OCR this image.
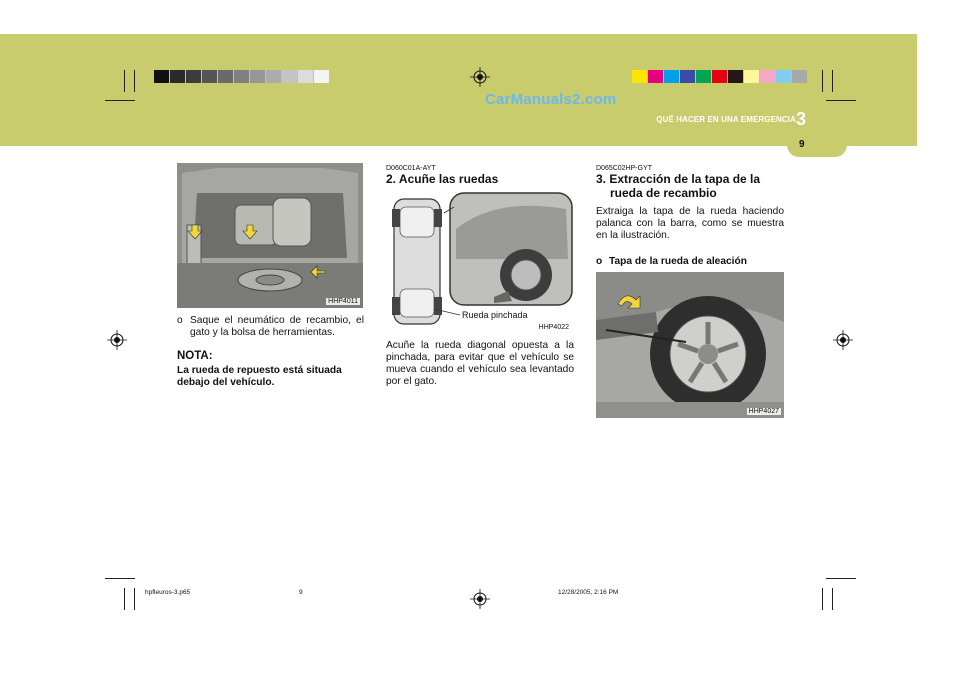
CarManuals2.com
QUÉ HACER EN UNA EMERGENCIA 3
9
HHP4011
o Saque el neumático de recambio, el gato y la bolsa de herramientas.
NOTA:
La rueda de repuesto está situada debajo del vehículo.
D060C01A-AYT
2. Acuñe las ruedas
Rueda pinchada
HHP4022
Acuñe la rueda diagonal opuesta a la pinchada, para evitar que el vehículo se mueva cuando el vehículo sea levantado por el gato.
D065C02HP-GYT
3. Extracción de la tapa de la
rueda de recambio
Extraiga la tapa de la rueda haciendo palanca con la barra, como se muestra en la ilustración.
o Tapa de la rueda de aleación
HHP4027
hpfleuros-3.p65	9	12/28/2005, 2:16 PM
